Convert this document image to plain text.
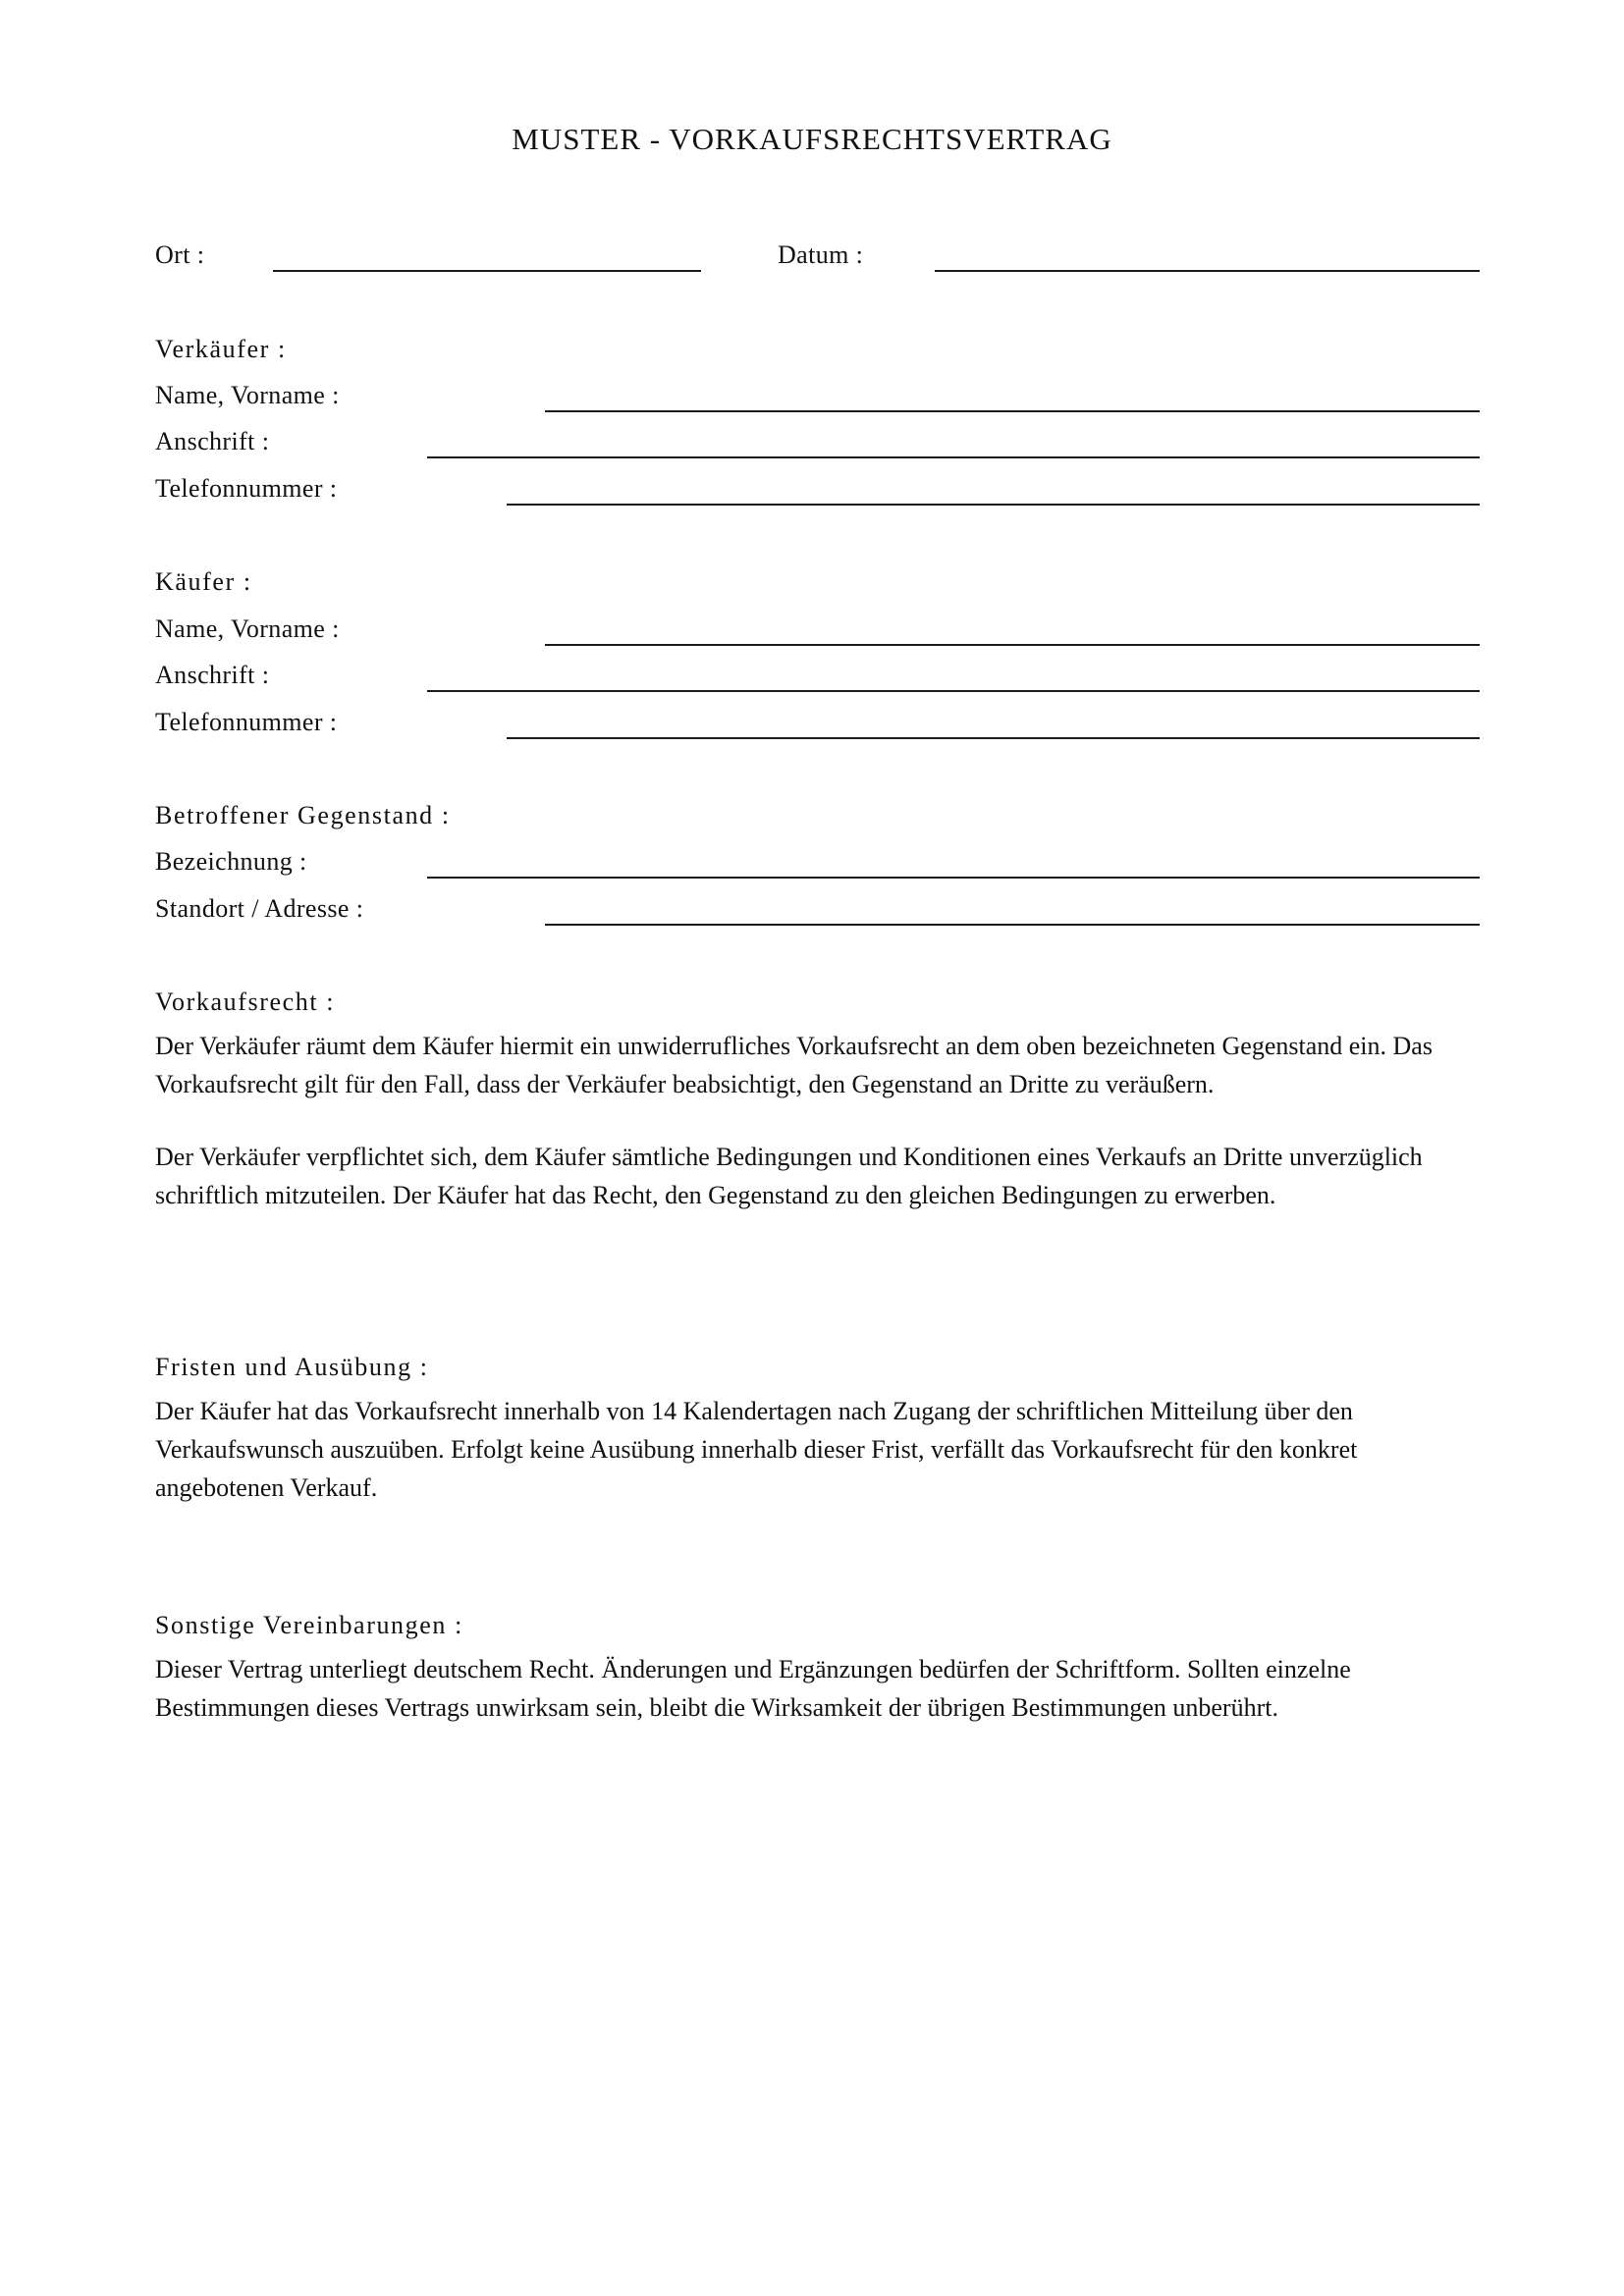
MUSTER - VORKAUFSRECHTSVERTRAG
Ort :	Datum :
Verkäufer :
Name, Vorname :
Anschrift :
Telefonnummer :
Käufer :
Name, Vorname :
Anschrift :
Telefonnummer :
Betroffener Gegenstand :
Bezeichnung :
Standort / Adresse :
Vorkaufsrecht :

Der Verkäufer räumt dem Käufer hiermit ein unwiderrufliches Vorkaufsrecht an dem oben bezeichneten Gegenstand ein. Das Vorkaufsrecht gilt für den Fall, dass der Verkäufer beabsichtigt, den Gegenstand an Dritte zu veräußern.

Der Verkäufer verpflichtet sich, dem Käufer sämtliche Bedingungen und Konditionen eines Verkaufs an Dritte unverzüglich schriftlich mitzuteilen. Der Käufer hat das Recht, den Gegenstand zu den gleichen Bedingungen zu erwerben.

Fristen und Ausübung :

Der Käufer hat das Vorkaufsrecht innerhalb von 14 Kalendertagen nach Zugang der schriftlichen Mitteilung über den Verkaufswunsch auszuüben. Erfolgt keine Ausübung innerhalb dieser Frist, verfällt das Vorkaufsrecht für den konkret angebotenen Verkauf.

Sonstige Vereinbarungen :

Dieser Vertrag unterliegt deutschem Recht. Änderungen und Ergänzungen bedürfen der Schriftform. Sollten einzelne Bestimmungen dieses Vertrags unwirksam sein, bleibt die Wirksamkeit der übrigen Bestimmungen unberührt.
